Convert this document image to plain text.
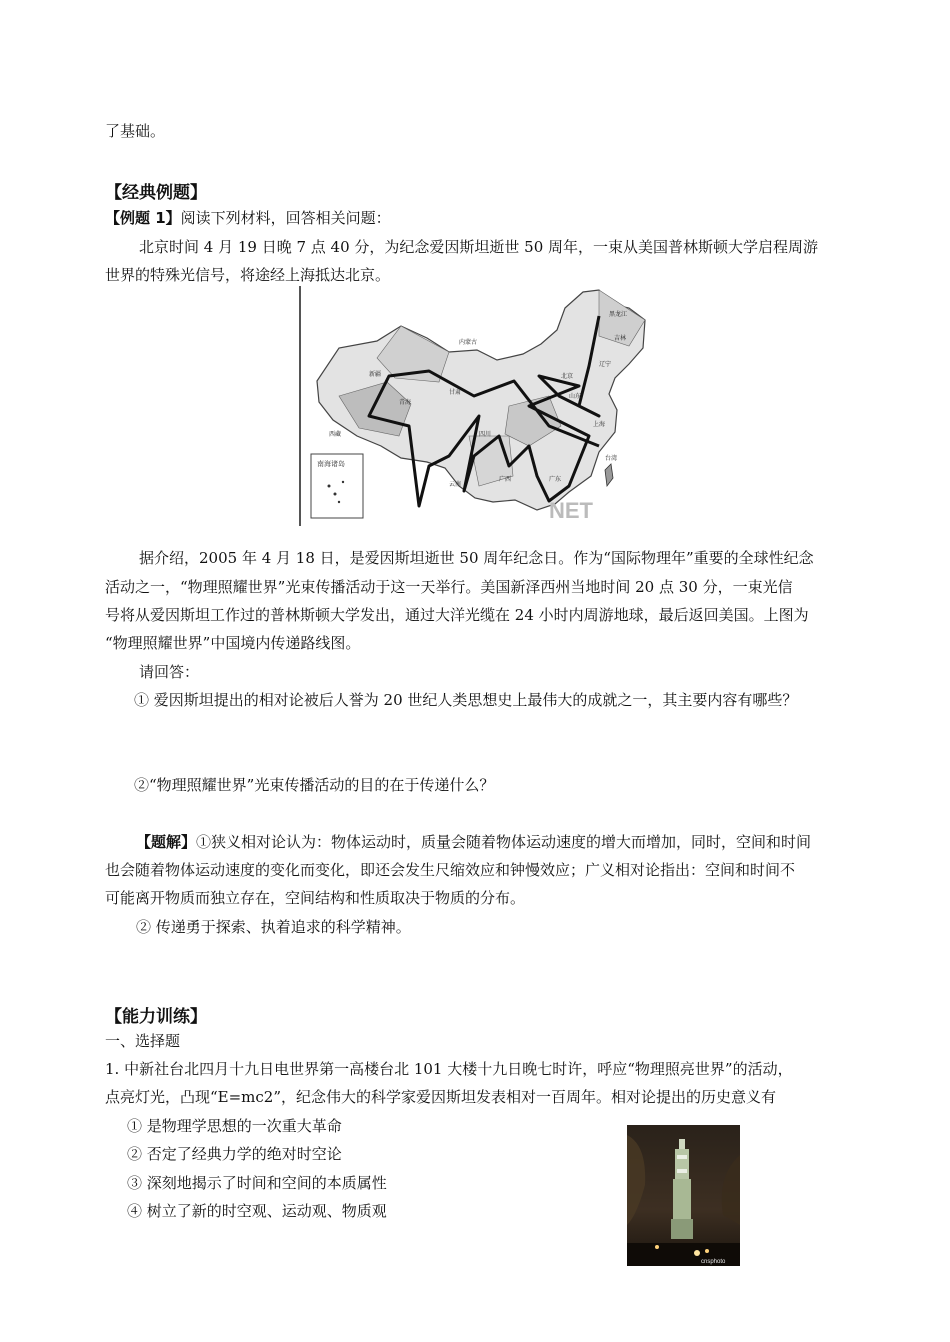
了基础。
【经典例题】
【例题 1】阅读下列材料，回答相关问题：
北京时间 4 月 19 日晚 7 点 40 分，为纪念爱因斯坦逝世 50 周年，一束从美国普林斯顿大学启程周游
世界的特殊光信号，将途经上海抵达北京。
南海诸岛
NET
新疆
西藏
青海
甘肃
内蒙古
黑龙江
吉林
辽宁
北京
山东
上海
四川
云南
广西	广东
台湾
据介绍，2005 年 4 月 18 日，是爱因斯坦逝世 50 周年纪念日。作为“国际物理年”重要的全球性纪念
活动之一，“物理照耀世界”光束传播活动于这一天举行。美国新泽西州当地时间 20 点 30 分，一束光信
号将从爱因斯坦工作过的普林斯顿大学发出，通过大洋光缆在 24 小时内周游地球，最后返回美国。上图为
“物理照耀世界”中国境内传递路线图。
请回答：
① 爱因斯坦提出的相对论被后人誉为 20 世纪人类思想史上最伟大的成就之一，其主要内容有哪些？
②“物理照耀世界”光束传播活动的目的在于传递什么？
【题解】①狭义相对论认为：物体运动时，质量会随着物体运动速度的增大而增加，同时，空间和时间
也会随着物体运动速度的变化而变化，即还会发生尺缩效应和钟慢效应；广义相对论指出：空间和时间不
可能离开物质而独立存在，空间结构和性质取决于物质的分布。
② 传递勇于探索、执着追求的科学精神。
【能力训练】
一、选择题
1. 中新社台北四月十九日电世界第一高楼台北 101 大楼十九日晚七时许，呼应“物理照亮世界”的活动，
点亮灯光，凸现“E=mc2”，纪念伟大的科学家爱因斯坦发表相对一百周年。相对论提出的历史意义有
① 是物理学思想的一次重大革命
② 否定了经典力学的绝对时空论
③ 深刻地揭示了时间和空间的本质属性
④ 树立了新的时空观、运动观、物质观
cnsphoto
